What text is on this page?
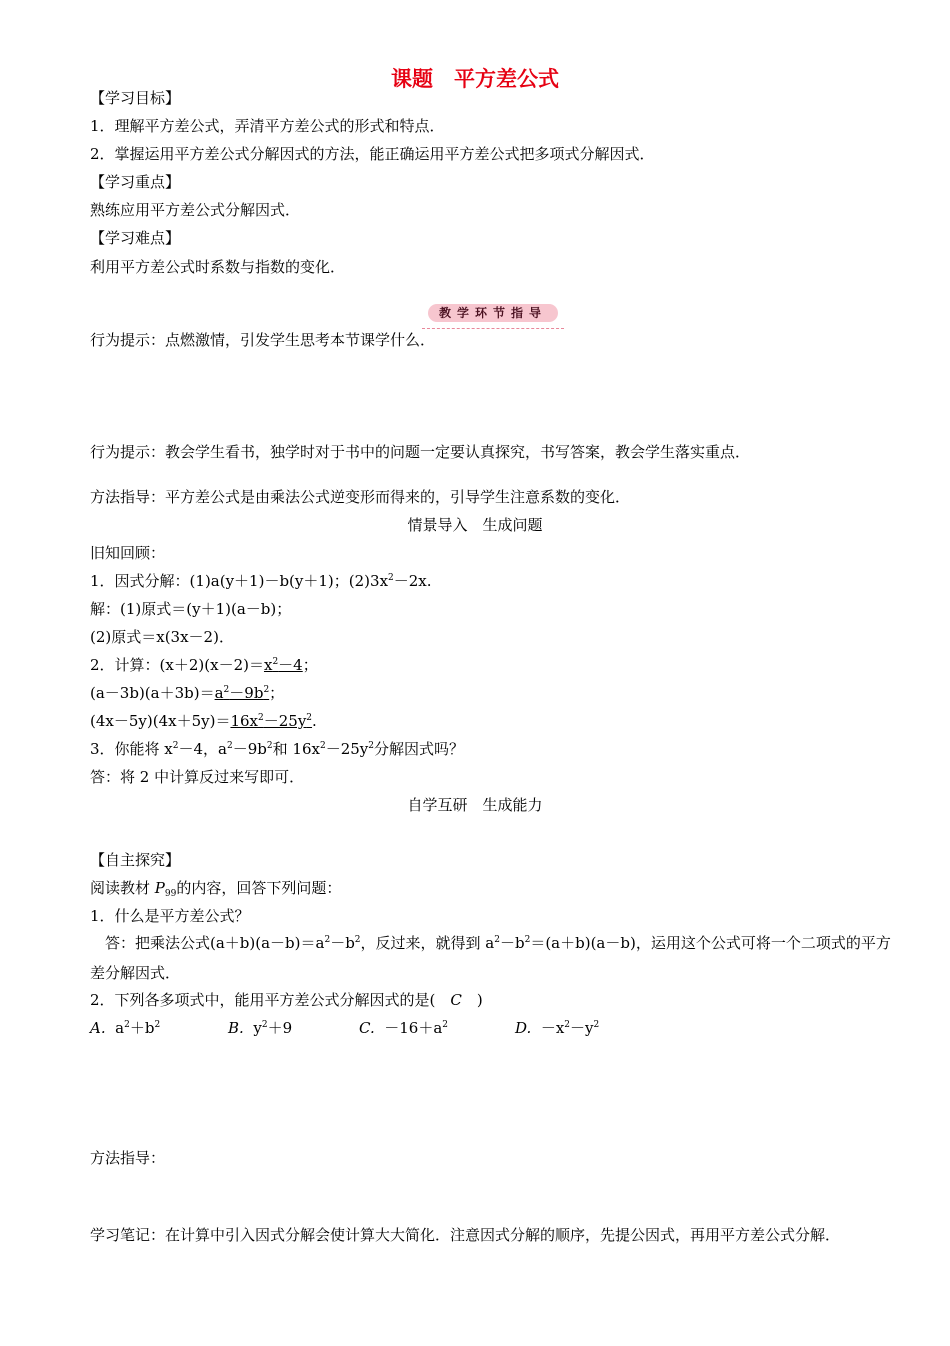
课题　平方差公式
【学习目标】
1．理解平方差公式，弄清平方差公式的形式和特点．
2．掌握运用平方差公式分解因式的方法，能正确运用平方差公式把多项式分解因式．
【学习重点】
熟练应用平方差公式分解因式．
【学习难点】
利用平方差公式时系数与指数的变化．
教学环节指导
行为提示：点燃激情，引发学生思考本节课学什么．
行为提示：教会学生看书，独学时对于书中的问题一定要认真探究，书写答案，教会学生落实重点．
方法指导：平方差公式是由乘法公式逆变形而得来的，引导学生注意系数的变化．
情景导入　生成问题
旧知回顾：
1．因式分解：(1)a(y＋1)－b(y＋1)；$(2)3x^2-2x$.
解：(1)原式＝(y＋1)(a－b)；
(2)原式＝x(3x－2)．
2．计算：$(x+2)(x-2)=x^2-4$；
$(a-3b)(a+3b)=a^2-9b^2$；
$(4x-5y)(4x+5y)=16x^2-25y^2$.
3．你能将 $x^2-4$，$a^2-9b^2$和 $16x^2-25y^2$分解因式吗？
答：将 2 中计算反过来写即可．
自学互研　生成能力
【自主探究】
阅读教材 $P_{99}$的内容，回答下列问题：
1．什么是平方差公式？
　答：把乘法公式$(a+b)(a-b)=a^2-b^2$，反过来，就得到 $a^2-b^2=(a+b)(a-b)$，运用这个公式可将一个二项式的平方差分解因式．
2．下列各多项式中，能用平方差公式分解因式的是(　C　)
A. $a^2+b^2$	B. $y^2+9$	C. $-16+a^2$	D. $-x^2-y^2$
方法指导：
学习笔记：在计算中引入因式分解会使计算大大简化．注意因式分解的顺序，先提公因式，再用平方差公式分解．
